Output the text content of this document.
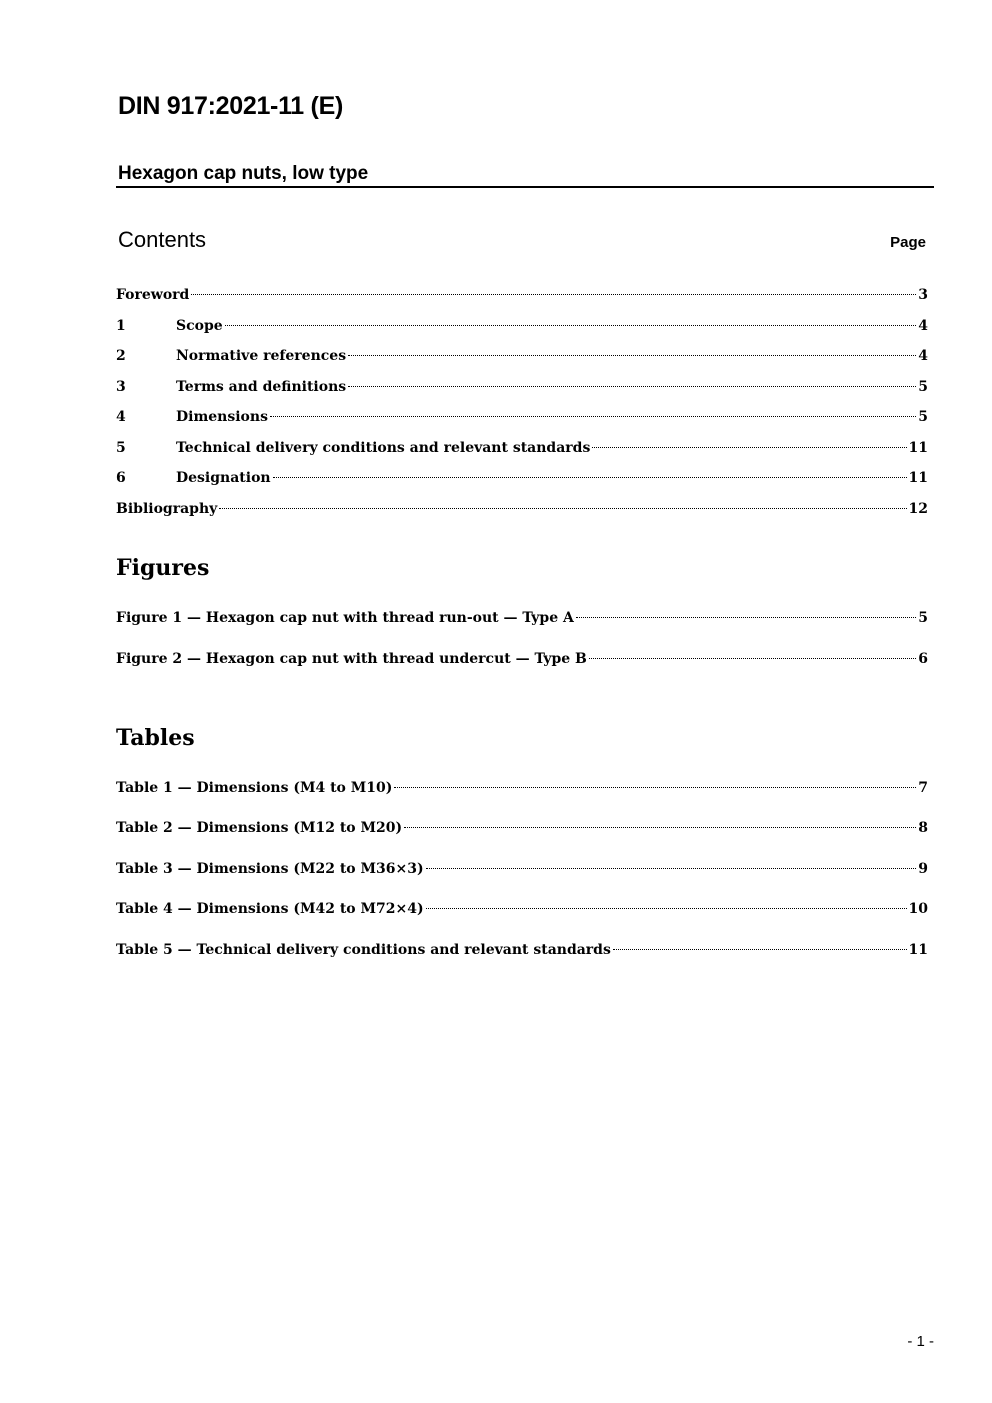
DIN 917:2021-11 (E)
Hexagon cap nuts, low type
Contents	Page
Foreword	3
1	Scope	4
2	Normative references	4
3	Terms and definitions	5
4	Dimensions	5
5	Technical delivery conditions and relevant standards	11
6	Designation	11
Bibliography	12
Figures
Figure 1 — Hexagon cap nut with thread run-out — Type A	5
Figure 2 — Hexagon cap nut with thread undercut — Type B	6
Tables
Table 1 — Dimensions (M4 to M10)	7
Table 2 — Dimensions (M12 to M20)	8
Table 3 — Dimensions (M22 to M36×3)	9
Table 4 — Dimensions (M42 to M72×4)	10
Table 5 — Technical delivery conditions and relevant standards	11
- 1 -
